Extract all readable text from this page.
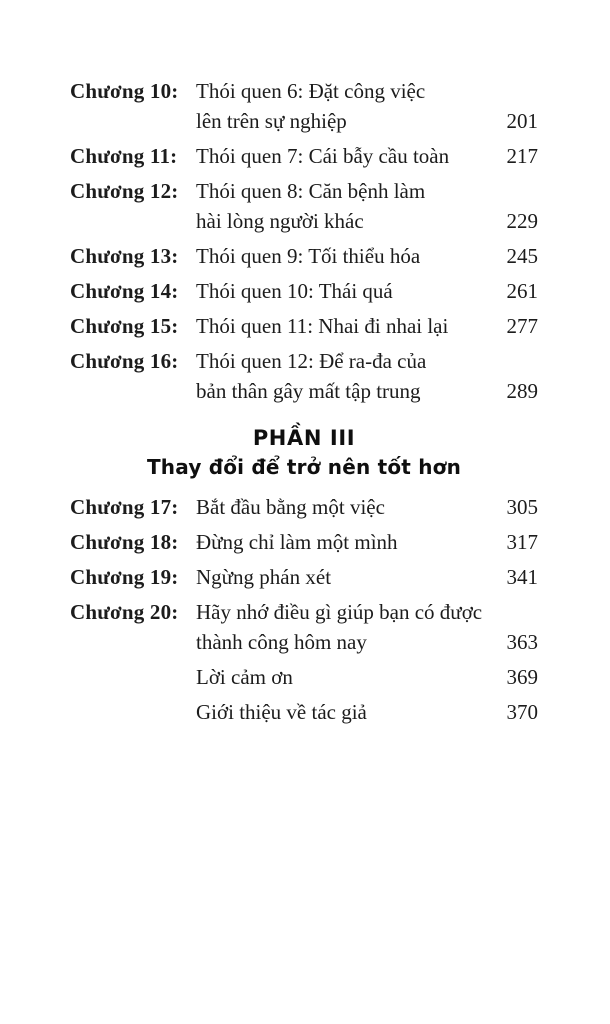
Chương 10: Thói quen 6: Đặt công việc
lên trên sự nghiệp	201
Chương 11: Thói quen 7: Cái bẫy cầu toàn	217
Chương 12: Thói quen 8: Căn bệnh làm
hài lòng người khác	229
Chương 13: Thói quen 9: Tối thiểu hóa	245
Chương 14: Thói quen 10: Thái quá	261
Chương 15: Thói quen 11: Nhai đi nhai lại	277
Chương 16: Thói quen 12: Để ra-đa của
bản thân gây mất tập trung	289
PHẦN III
Thay đổi để trở nên tốt hơn
Chương 17: Bắt đầu bằng một việc	305
Chương 18: Đừng chỉ làm một mình	317
Chương 19: Ngừng phán xét	341
Chương 20: Hãy nhớ điều gì giúp bạn có được
thành công hôm nay	363
Lời cảm ơn	369
Giới thiệu về tác giả	370
